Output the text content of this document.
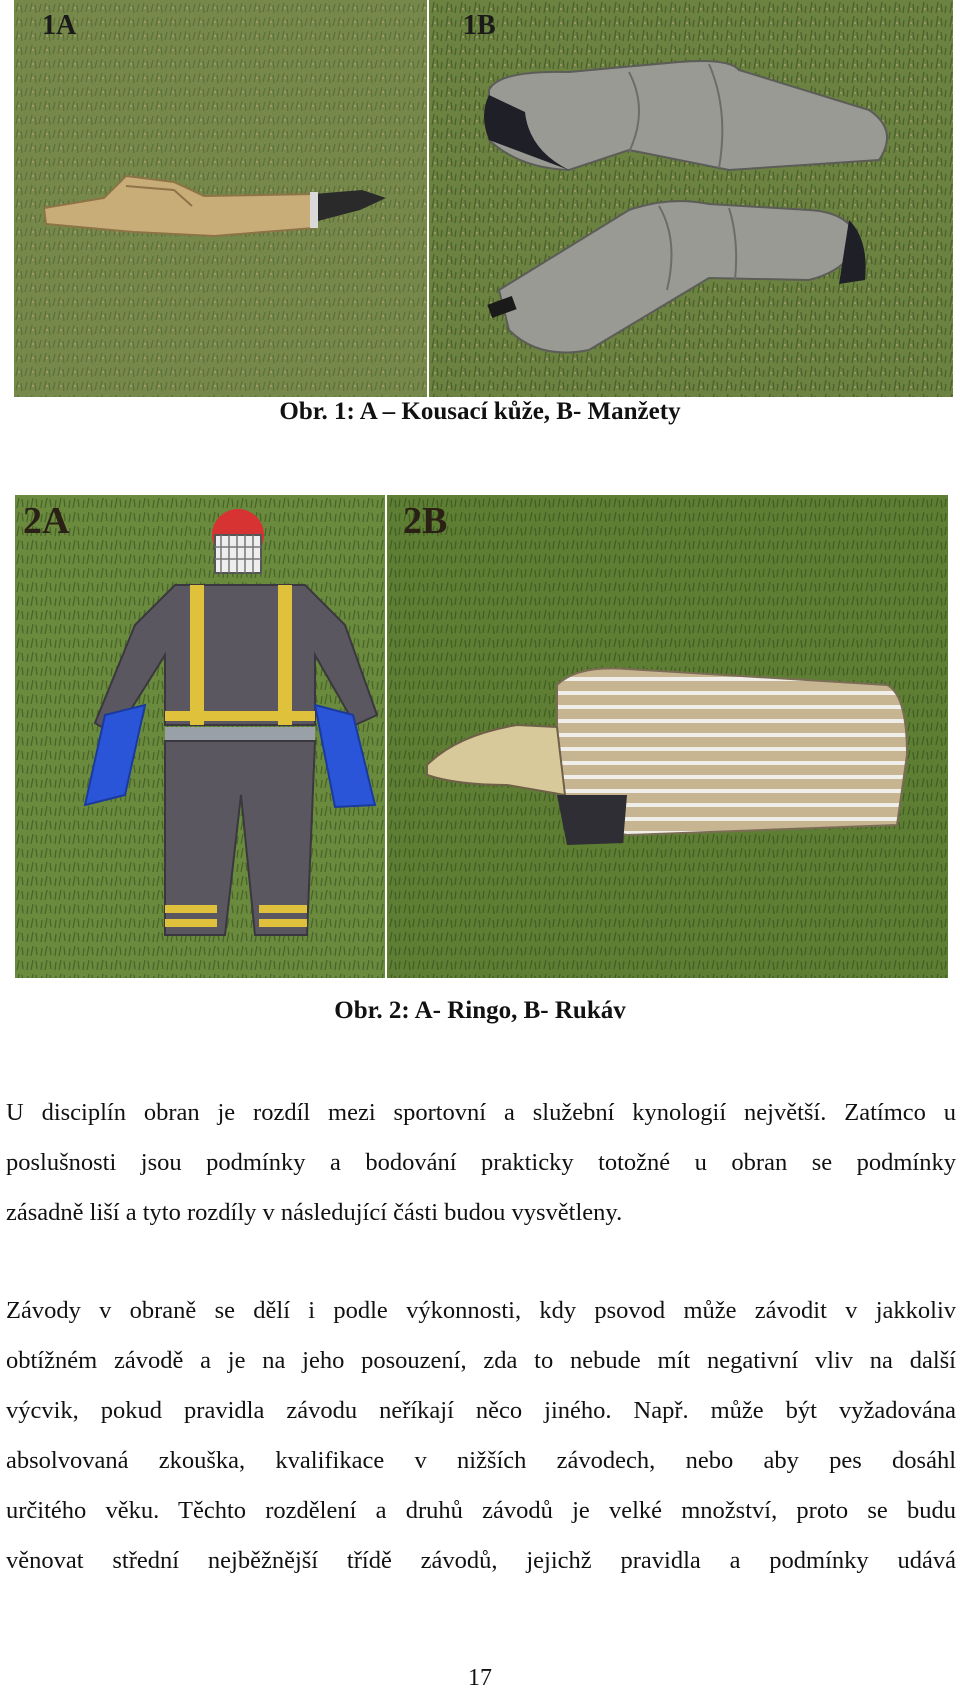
1A	1B
Obr. 1: A – Kousací kůže, B- Manžety
2A	2B
Obr. 2: A- Ringo, B- Rukáv
U disciplín obran je rozdíl mezi sportovní a služební kynologií největší. Zatímco u
poslušnosti jsou podmínky a bodování prakticky totožné u obran se podmínky
zásadně liší a tyto rozdíly v následující části budou vysvětleny.
Závody v obraně se dělí i podle výkonnosti, kdy psovod může závodit v jakkoliv
obtížném závodě a je na jeho posouzení, zda to nebude mít negativní vliv na další
výcvik, pokud pravidla závodu neříkají něco jiného. Např. může být vyžadována
absolvovaná zkouška, kvalifikace v nižších závodech, nebo aby pes dosáhl
určitého věku. Těchto rozdělení a druhů závodů je velké množství, proto se budu
věnovat střední nejběžnější třídě závodů, jejichž pravidla a podmínky udává
17
